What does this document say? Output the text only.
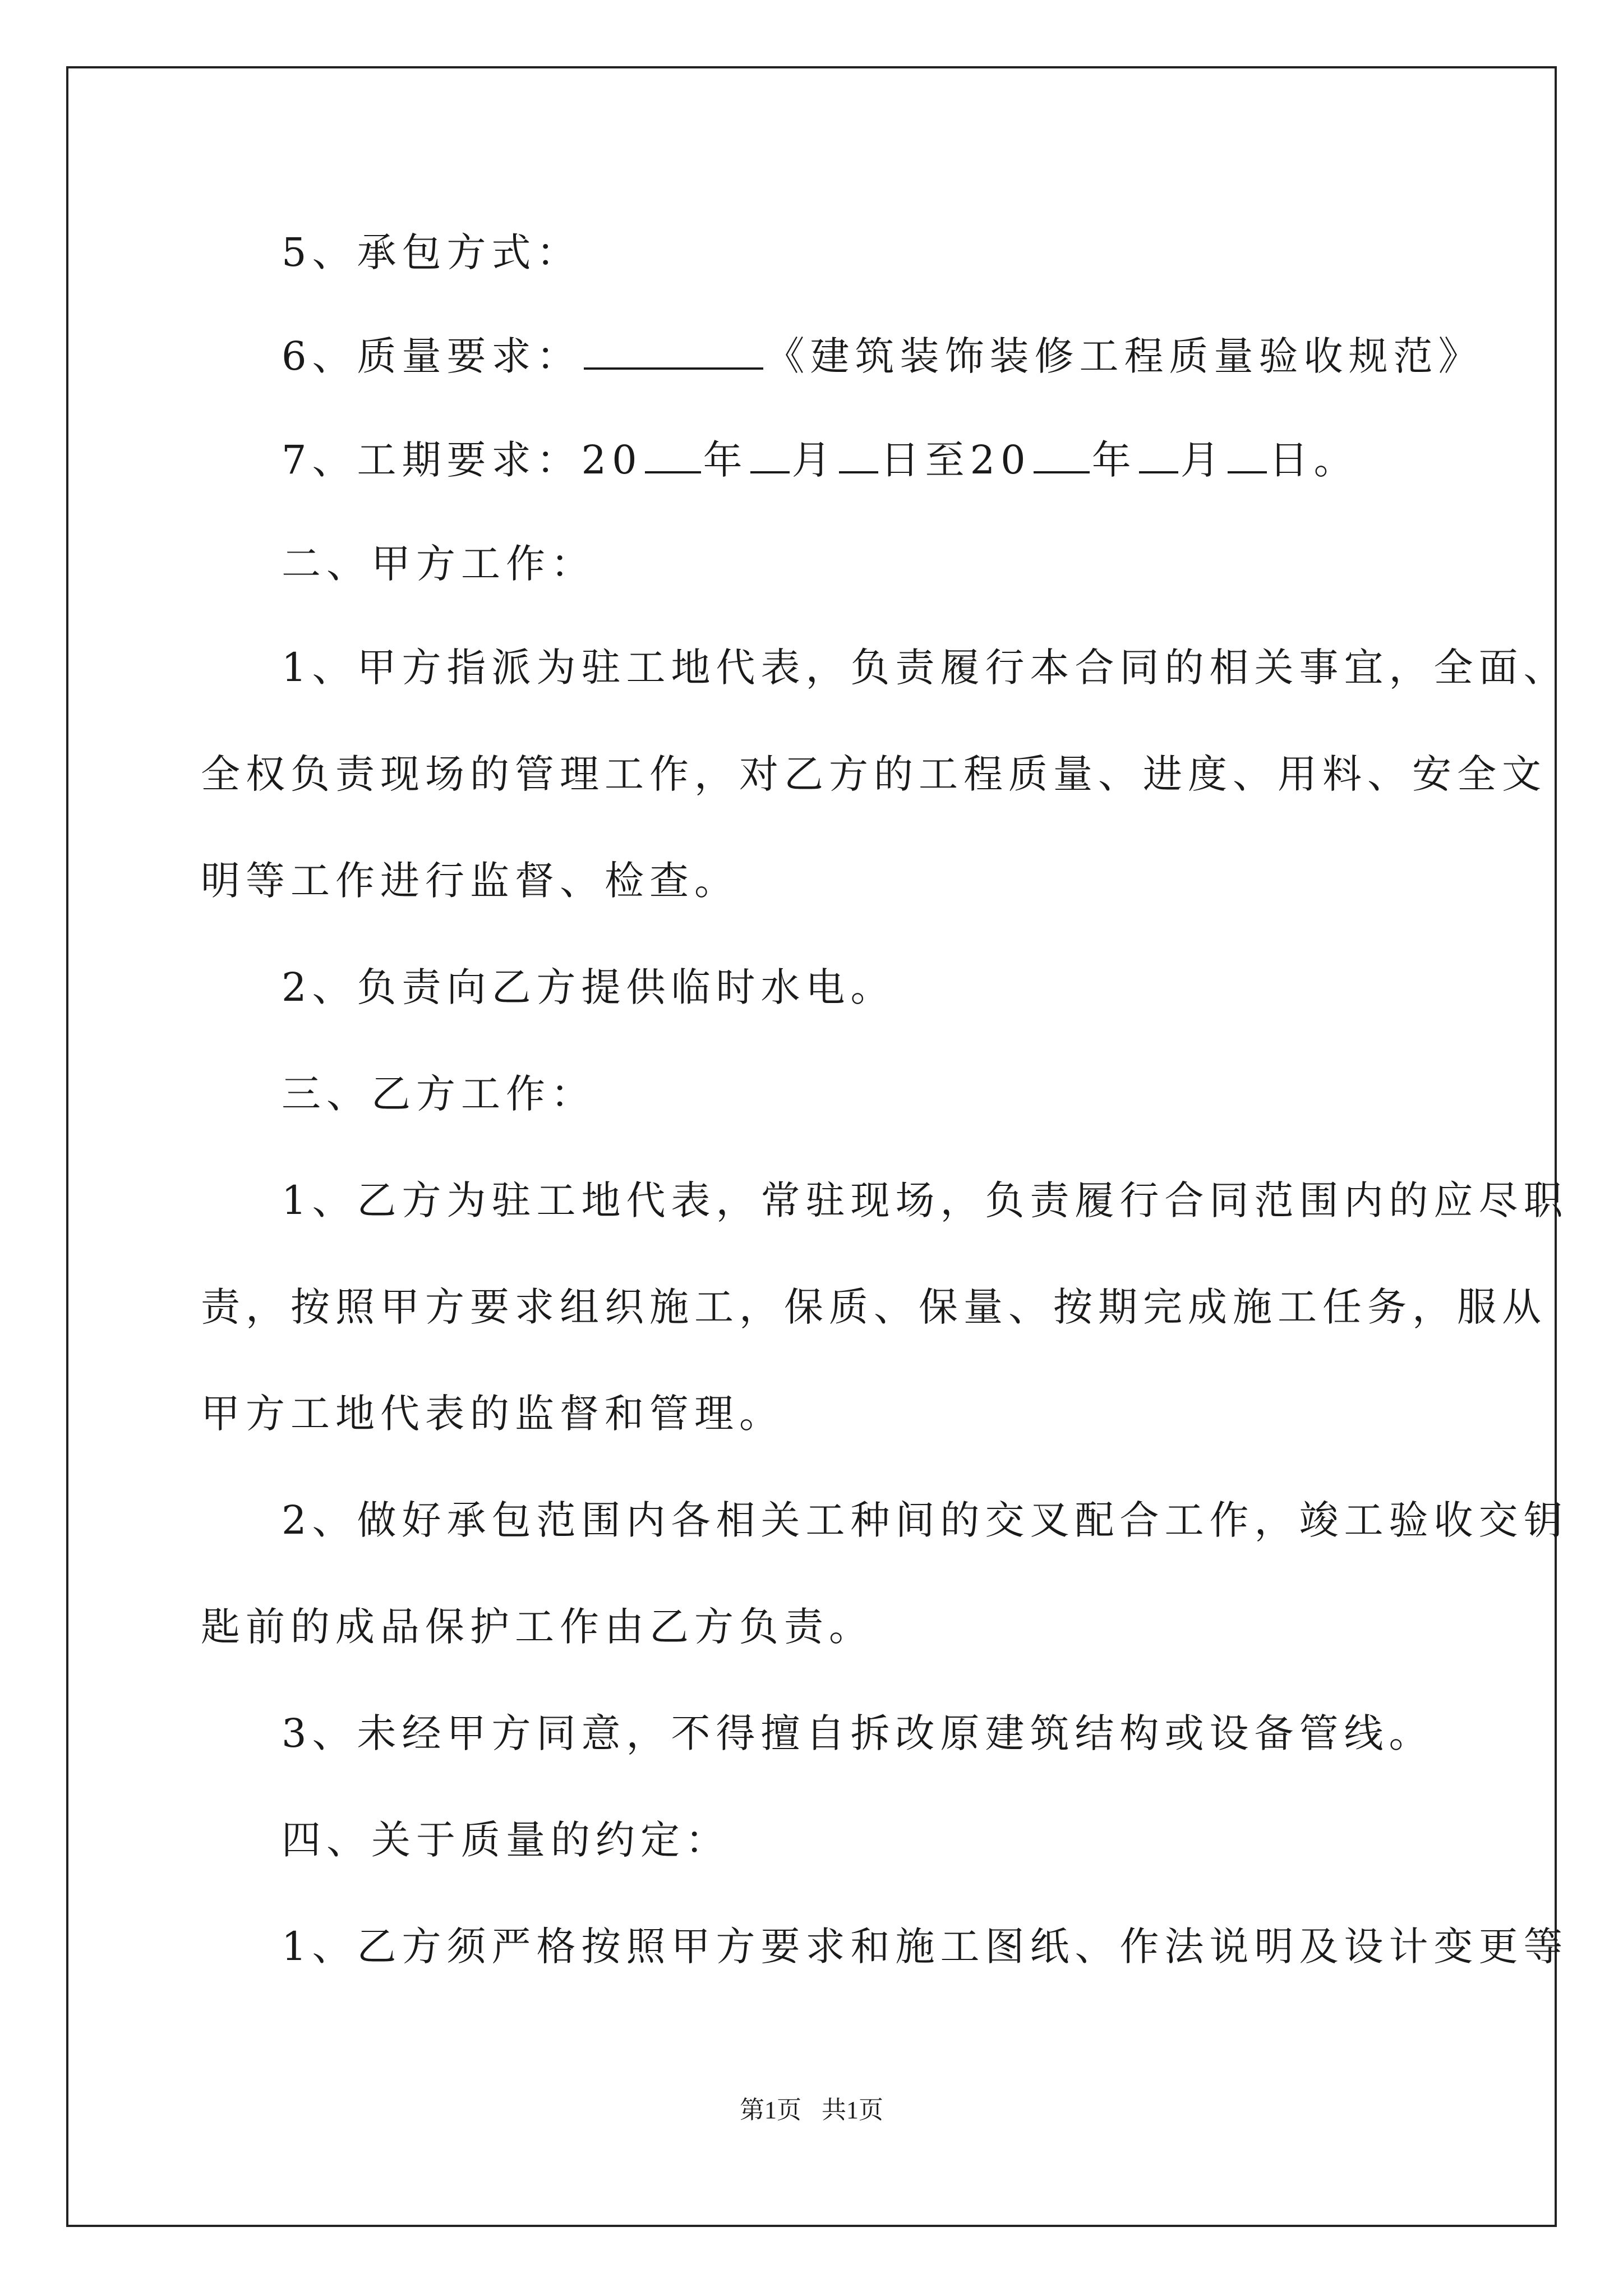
5、承包方式：
6、质量要求：	《建筑装饰装修工程质量验收规范》
7、工期要求：20 年 月 日至20 年 月 日。
二、甲方工作：
1、甲方指派为驻工地代表，负责履行本合同的相关事宜，全面、
全权负责现场的管理工作，对乙方的工程质量、进度、用料、安全文
明等工作进行监督、检查。
2、负责向乙方提供临时水电。
三、乙方工作：
1、乙方为驻工地代表，常驻现场，负责履行合同范围内的应尽职
责，按照甲方要求组织施工，保质、保量、按期完成施工任务，服从
甲方工地代表的监督和管理。
2、做好承包范围内各相关工种间的交叉配合工作，竣工验收交钥
匙前的成品保护工作由乙方负责。
3、未经甲方同意，不得擅自拆改原建筑结构或设备管线。
四、关于质量的约定：
1、乙方须严格按照甲方要求和施工图纸、作法说明及设计变更等
第1页 共1页
